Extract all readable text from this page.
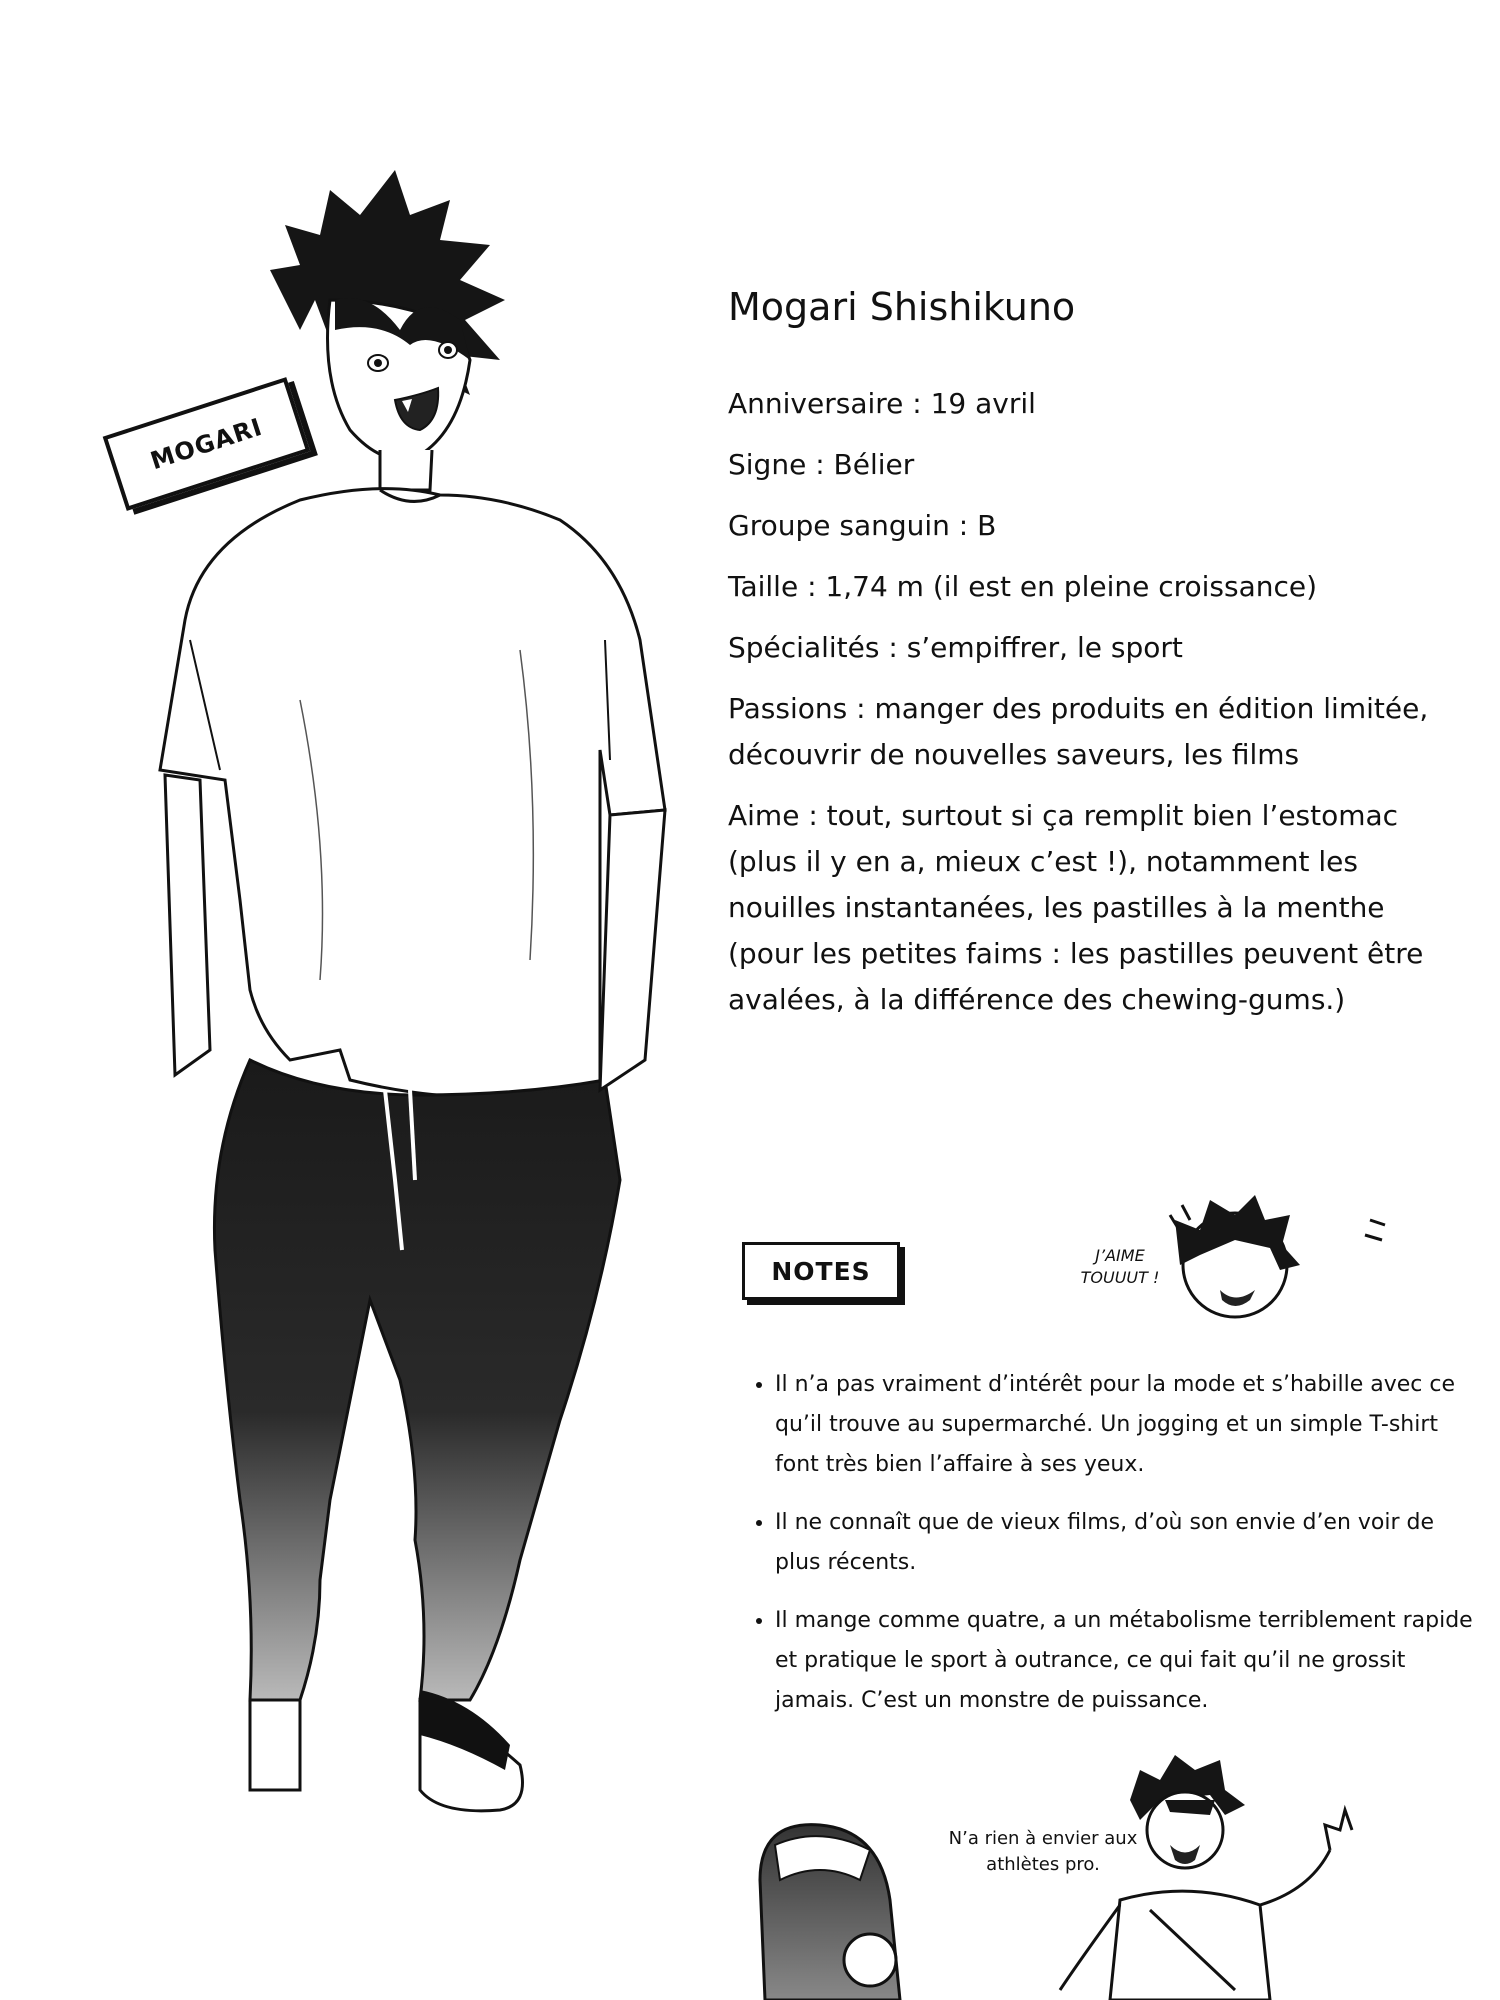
MOGARI
Mogari Shishikuno
Anniversaire : 19 avril
Signe : Bélier
Groupe sanguin : B
Taille : 1,74 m (il est en pleine croissance)
Spécialités : s’empiffrer, le sport
Passions : manger des produits en édition limitée, découvrir de nouvelles saveurs, les films
Aime : tout, surtout si ça remplit bien l’estomac (plus il y en a, mieux c’est !), notamment les nouilles instantanées, les pastilles à la menthe (pour les petites faims : les pastilles peuvent être avalées, à la différence des chewing-gums.)
NOTES
J’AIME TOUUUT !
N’a rien à envier aux athlètes pro.
• Il n’a pas vraiment d’intérêt pour la mode et s’habille avec ce qu’il trouve au supermarché. Un jogging et un simple T-shirt font très bien l’affaire à ses yeux.
• Il ne connaît que de vieux films, d’où son envie d’en voir de plus récents.
• Il mange comme quatre, a un métabolisme terriblement rapide et pratique le sport à outrance, ce qui fait qu’il ne grossit jamais. C’est un monstre de puissance.
